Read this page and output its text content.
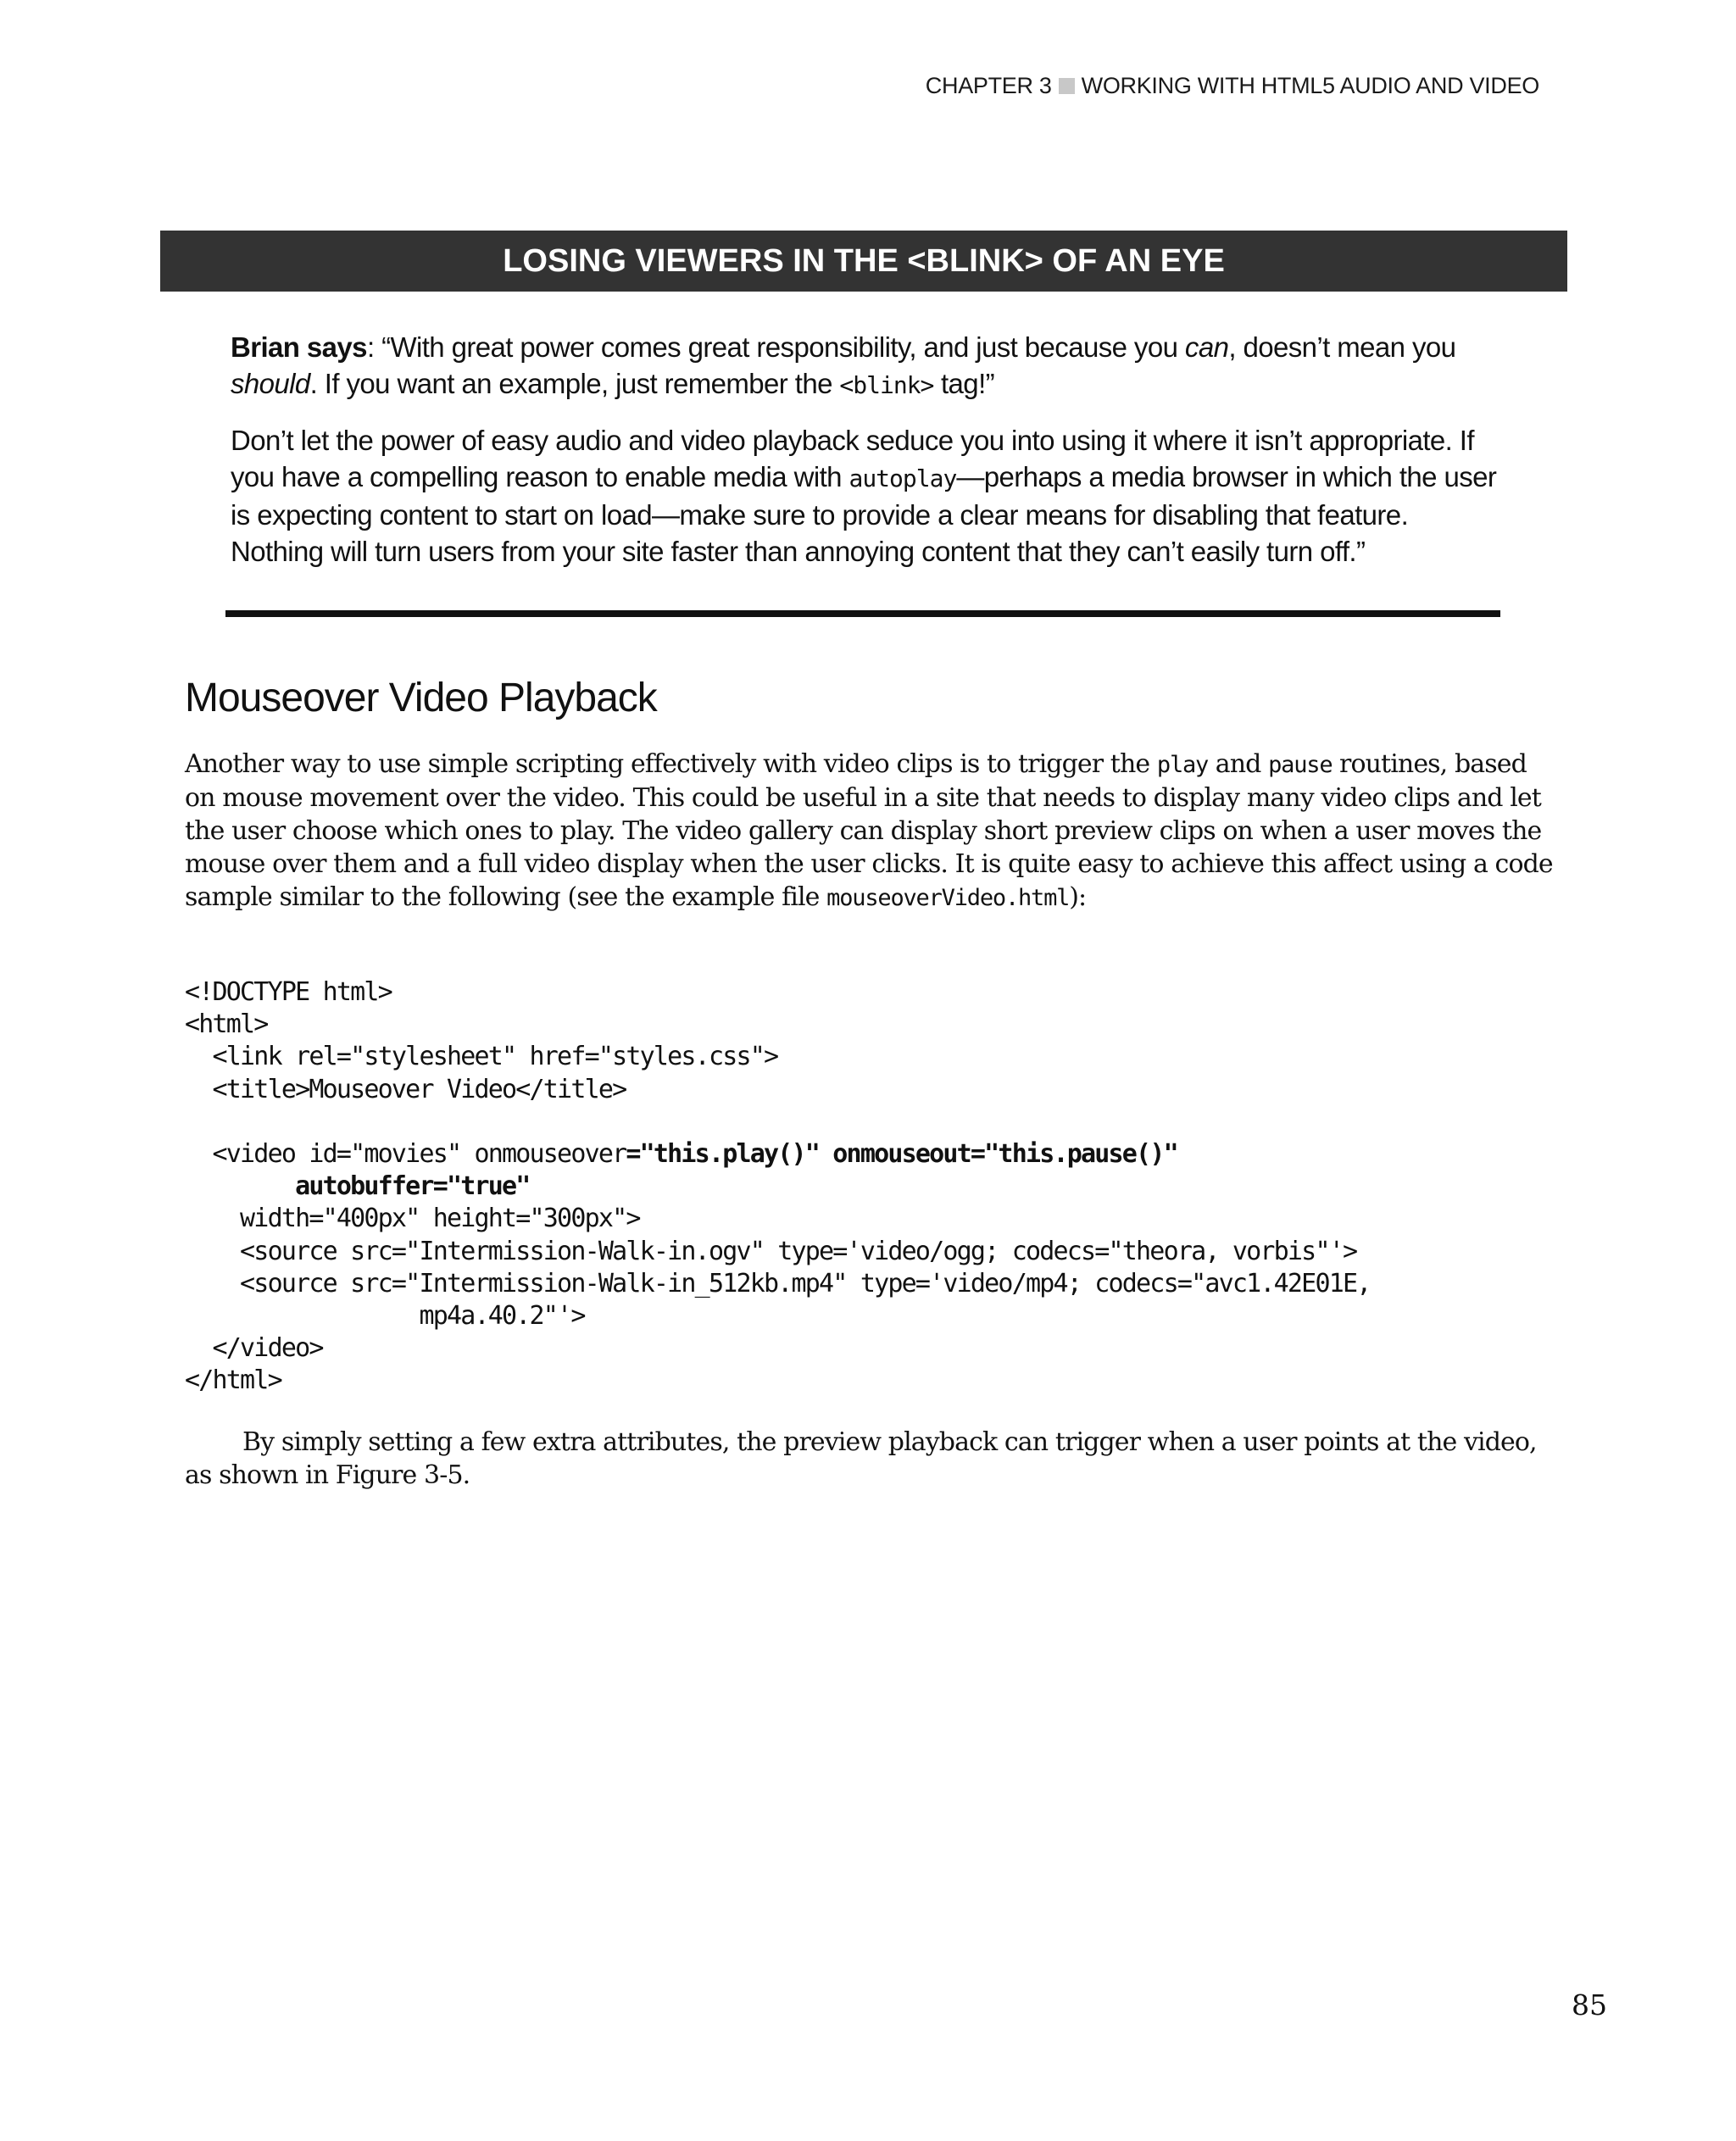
CHAPTER 3 WORKING WITH HTML5 AUDIO AND VIDEO
LOSING VIEWERS IN THE <BLINK> OF AN EYE

Brian says: “With great power comes great responsibility, and just because you can, doesn’t mean you should. If you want an example, just remember the <blink> tag!”

Don’t let the power of easy audio and video playback seduce you into using it where it isn’t appropriate. If you have a compelling reason to enable media with autoplay—perhaps a media browser in which the user is expecting content to start on load—make sure to provide a clear means for disabling that feature. Nothing will turn users from your site faster than annoying content that they can’t easily turn off.”

Mouseover Video Playback

Another way to use simple scripting effectively with video clips is to trigger the play and pause routines, based on mouse movement over the video. This could be useful in a site that needs to display many video clips and let the user choose which ones to play. The video gallery can display short preview clips on when a user moves the mouse over them and a full video display when the user clicks. It is quite easy to achieve this affect using a code sample similar to the following (see the example file mouseoverVideo.html):

<!DOCTYPE html>
<html>
<link rel="stylesheet" href="styles.css">
<title>Mouseover Video</title>

<video id="movies" onmouseover="this.play()" onmouseout="this.pause()"
autobuffer="true"
width="400px" height="300px">
<source src="Intermission-Walk-in.ogv" type='video/ogg; codecs="theora, vorbis"'>
<source src="Intermission-Walk-in_512kb.mp4" type='video/mp4; codecs="avc1.42E01E,
mp4a.40.2"'>
</video>
</html>

By simply setting a few extra attributes, the preview playback can trigger when a user points at the video, as shown in Figure 3-5.

85
